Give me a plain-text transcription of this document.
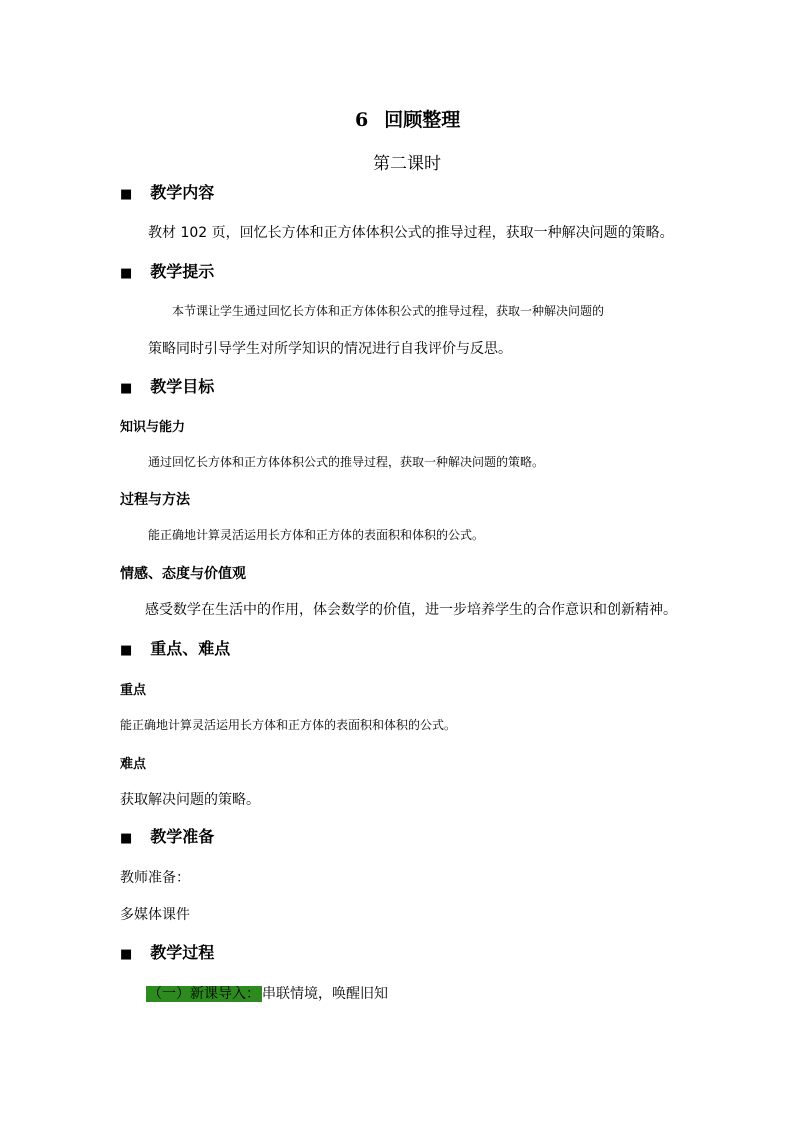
6 回顾整理
第二课时
■ 教学内容
教材 102 页，回忆长方体和正方体体积公式的推导过程，获取一种解决问题的策略。
■ 教学提示
本节课让学生通过回忆长方体和正方体体积公式的推导过程，获取一种解决问题的
策略同时引导学生对所学知识的情况进行自我评价与反思。
■ 教学目标
知识与能力
通过回忆长方体和正方体体积公式的推导过程，获取一种解决问题的策略。
过程与方法
能正确地计算灵活运用长方体和正方体的表面积和体积的公式。
情感、态度与价值观
感受数学在生活中的作用，体会数学的价值，进一步培养学生的合作意识和创新精神。
■ 重点、难点
重点
能正确地计算灵活运用长方体和正方体的表面积和体积的公式。
难点
获取解决问题的策略。
■ 教学准备
教师准备：
多媒体课件
■ 教学过程
（一）新课导入： 串联情境，唤醒旧知
